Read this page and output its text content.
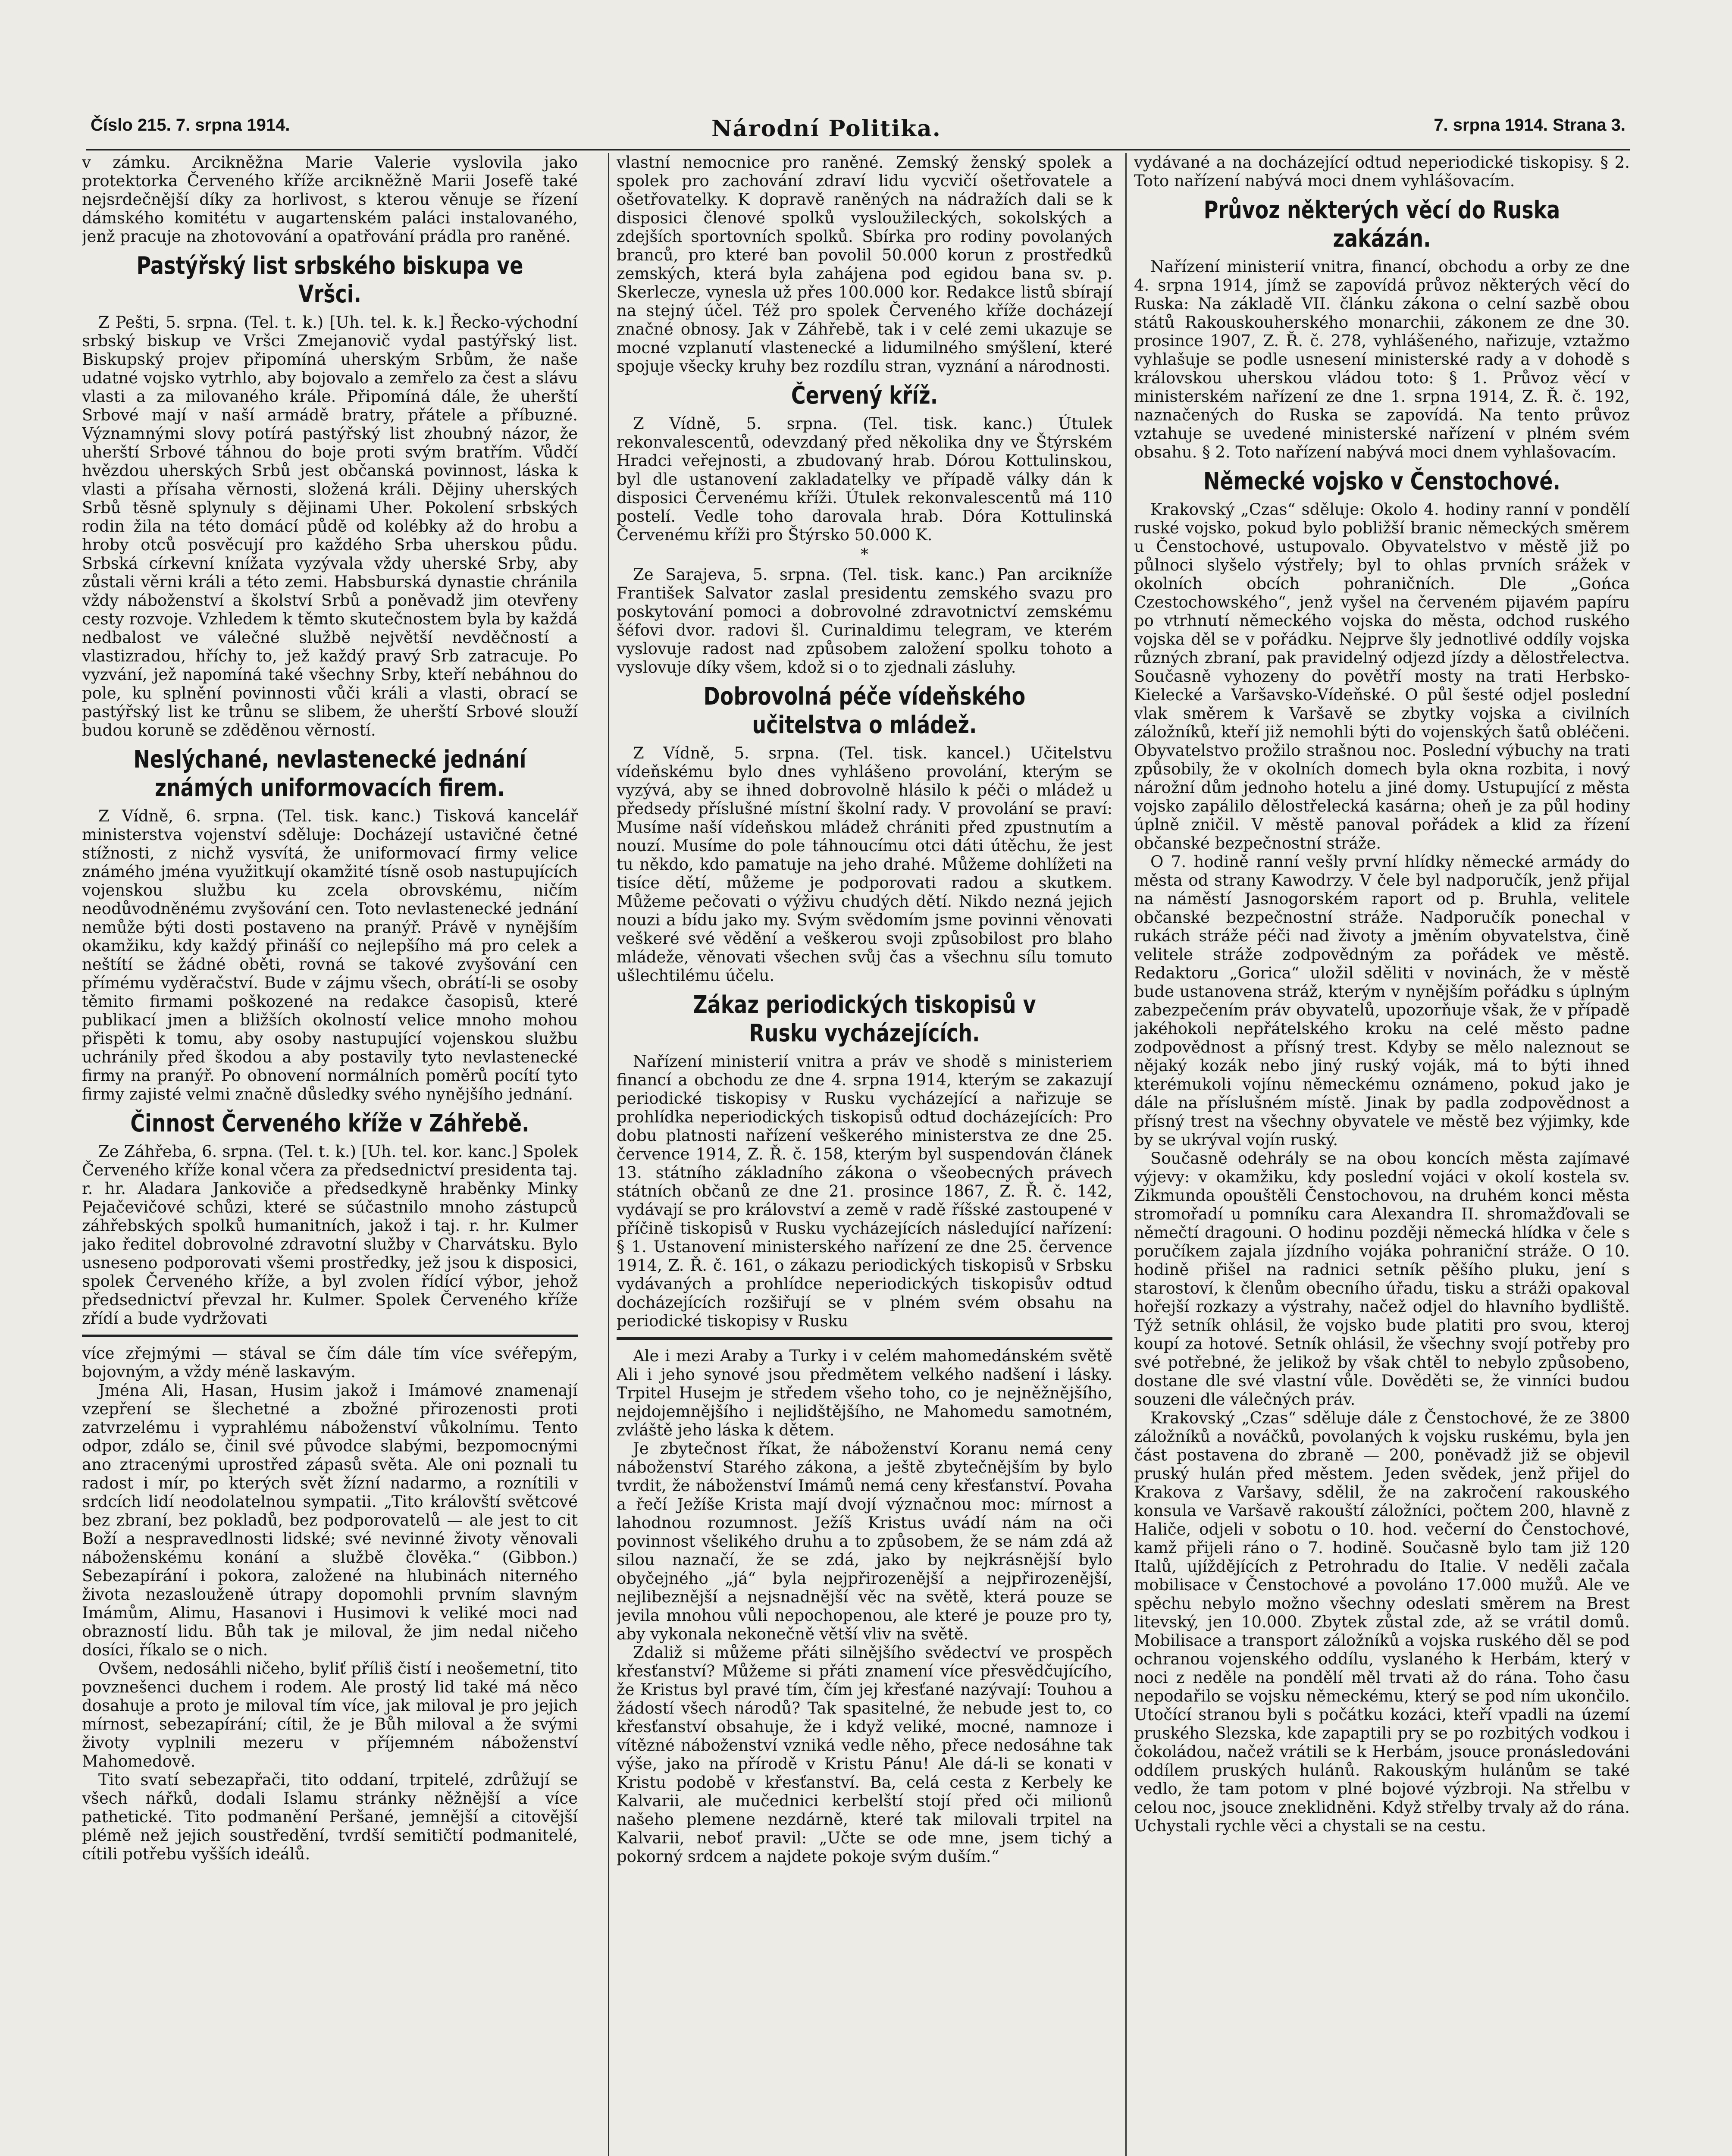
Číslo 215. 7. srpna 1914.	Národní Politika.	7. srpna 1914. Strana 3.

v zámku. Arcikněžna Marie Valerie vyslovila jako protektorka Červeného kříže arcikněžně Marii Josefě také nejsrdečnější díky za horlivost, s kterou věnuje se řízení dámského komitétu v augartenském paláci instalovaného, jenž pracuje na zhotovování a opatřování prádla pro raněné.

Pastýřský list srbského biskupa ve Vršci.

Z Pešti, 5. srpna. (Tel. t. k.) [Uh. tel. k. k.] Řecko-východní srbský biskup ve Vršci Zmejanovič vydal pastýřský list. Biskupský projev připomíná uherským Srbům, že naše udatné vojsko vytrhlo, aby bojovalo a zemřelo za čest a slávu vlasti a za milovaného krále. Připomíná dále, že uherští Srbové mají v naší armádě bratry, přátele a příbuzné. Významnými slovy potírá pastýřský list zhoubný názor, že uherští Srbové táhnou do boje proti svým bratřím. Vůdčí hvězdou uherských Srbů jest občanská povinnost, láska k vlasti a přísaha věrnosti, složená králi. Dějiny uherských Srbů těsně splynuly s dějinami Uher. Pokolení srbských rodin žila na této domácí půdě od kolébky až do hrobu a hroby otců posvěcují pro každého Srba uherskou půdu. Srbská církevní knížata vyzývala vždy uherské Srby, aby zůstali věrni králi a této zemi. Habsburská dynastie chránila vždy náboženství a školství Srbů a poněvadž jim otevřeny cesty rozvoje. Vzhledem k těmto skutečnostem byla by každá nedbalost ve válečné službě největší nevděčností a vlastizradou, hříchy to, jež každý pravý Srb zatracuje. Po vyzvání, jež napomíná také všechny Srby, kteří nebáhnou do pole, ku splnění povinnosti vůči králi a vlasti, obrací se pastýřský list ke trůnu se slibem, že uherští Srbové slouží budou koruně se zděděnou věrností.

Neslýchané, nevlastenecké jednání známých uniformovacích firem.

Z Vídně, 6. srpna. (Tel. tisk. kanc.) Tisková kancelář ministerstva vojenství sděluje: Docházejí ustavičné četné stížnosti, z nichž vysvítá, že uniformovací firmy velice známého jména využitkují okamžité tísně osob nastupujících vojenskou službu ku zcela obrovskému, ničím neodůvodněnému zvyšování cen. Toto nevlastenecké jednání nemůže býti dosti postaveno na pranýř. Právě v nynějším okamžiku, kdy každý přináší co nejlepšího má pro celek a neštítí se žádné oběti, rovná se takové zvyšování cen přímému vyděračství. Bude v zájmu všech, obrátí-li se osoby těmito firmami poškozené na redakce časopisů, které publikací jmen a bližších okolností velice mnoho mohou přispěti k tomu, aby osoby nastupující vojenskou službu uchránily před škodou a aby postavily tyto nevlastenecké firmy na pranýř. Po obnovení normálních poměrů pocítí tyto firmy zajisté velmi značně důsledky svého nynějšího jednání.

Činnost Červeného kříže v Záhřebě.

Ze Záhřeba, 6. srpna. (Tel. t. k.) [Uh. tel. kor. kanc.] Spolek Červeného kříže konal včera za předsednictví presidenta taj. r. hr. Aladara Jankoviče a předsedkyně hraběnky Minky Pejačevičové schůzi, které se súčastnilo mnoho zástupců záhřebských spolků humanitních, jakož i taj. r. hr. Kulmer jako ředitel dobrovolné zdravotní služby v Charvátsku. Bylo usneseno podporovati všemi prostředky, jež jsou k disposici, spolek Červeného kříže, a byl zvolen řídící výbor, jehož předsednictví převzal hr. Kulmer. Spolek Červeného kříže zřídí a bude vydržovati

více zřejmými — stával se čím dále tím více svéřepým, bojovným, a vždy méně laskavým.

Jména Ali, Hasan, Husim jakož i Imámové znamenají vzepření se šlechetné a zbožné přirozenosti proti zatvrzelému i vyprahlému náboženství vůkolnímu. Tento odpor, zdálo se, činil své původce slabými, bezpomocnými ano ztracenými uprostřed zápasů světa. Ale oni poznali tu radost i mír, po kterých svět žízní nadarmo, a roznítili v srdcích lidí neodolatelnou sympatii. „Tito královští světcové bez zbraní, bez pokladů, bez podporovatelů — ale jest to cit Boží a nespravedlnosti lidské; své nevinné životy věnovali náboženskému konání a službě člověka.“ (Gibbon.) Sebezapírání i pokora, založené na hlubinách niterného života nezaslouženě útrapy dopomohli prvním slavným Imámům, Alimu, Hasanovi i Husimovi k veliké moci nad obrazností lidu. Bůh tak je miloval, že jim nedal ničeho dosíci, říkalo se o nich.

Ovšem, nedosáhli ničeho, byliť příliš čistí i neošemetní, tito povznešenci duchem i rodem. Ale prostý lid také má něco dosahuje a proto je miloval tím více, jak miloval je pro jejich mírnost, sebezapírání; cítil, že je Bůh miloval a že svými životy vyplnili mezeru v příjemném náboženství Mahomedově.

Tito svatí sebezapřači, tito oddaní, trpitelé, zdrůžují se všech nářků, dodali Islamu stránky něžnější a více pathetické. Tito podmanění Peršané, jemnější a citovější plémě než jejich soustředění, tvrdší semitičtí podmanitelé, cítili potřebu vyšších ideálů.

vlastní nemocnice pro raněné. Zemský ženský spolek a spolek pro zachování zdraví lidu vycvičí ošetřovatele a ošetřovatelky. K dopravě raněných na nádražích dali se k disposici členové spolků vysloužileckých, sokolských a zdejších sportovních spolků. Sbírka pro rodiny povolaných branců, pro které ban povolil 50.000 korun z prostředků zemských, která byla zahájena pod egidou bana sv. p. Skerlecze, vynesla už přes 100.000 kor. Redakce listů sbírají na stejný účel. Též pro spolek Červeného kříže docházejí značné obnosy. Jak v Záhřebě, tak i v celé zemi ukazuje se mocné vzplanutí vlastenecké a lidumilného smýšlení, které spojuje všecky kruhy bez rozdílu stran, vyznání a národnosti.

Červený kříž.

Z Vídně, 5. srpna. (Tel. tisk. kanc.) Útulek rekonvalescentů, odevzdaný před několika dny ve Štýrském Hradci veřejnosti, a zbudovaný hrab. Dórou Kottulinskou, byl dle ustanovení zakladatelky ve případě války dán k disposici Červenému kříži. Útulek rekonvalescentů má 110 postelí. Vedle toho darovala hrab. Dóra Kottulinská Červenému kříži pro Štýrsko 50.000 K.

*

Ze Sarajeva, 5. srpna. (Tel. tisk. kanc.) Pan arcikníže František Salvator zaslal presidentu zemského svazu pro poskytování pomoci a dobrovolné zdravotnictví zemskému šéfovi dvor. radovi šl. Curinaldimu telegram, ve kterém vyslovuje radost nad způsobem založení spolku tohoto a vyslovuje díky všem, kdož si o to zjednali zásluhy.

Dobrovolná péče vídeňského učitelstva o mládež.

Z Vídně, 5. srpna. (Tel. tisk. kancel.) Učitelstvu vídeňskému bylo dnes vyhlášeno provolání, kterým se vyzývá, aby se ihned dobrovolně hlásilo k péči o mládež u předsedy příslušné místní školní rady. V provolání se praví: Musíme naší vídeňskou mládež chrániti před zpustnutím a nouzí. Musíme do pole táhnoucímu otci dáti útěchu, že jest tu někdo, kdo pamatuje na jeho drahé. Můžeme dohlížeti na tisíce dětí, můžeme je podporovati radou a skutkem. Můžeme pečovati o výživu chudých dětí. Nikdo nezná jejich nouzi a bídu jako my. Svým svědomím jsme povinni věnovati veškeré své vědění a veškerou svoji způsobilost pro blaho mládeže, věnovati všechen svůj čas a všechnu sílu tomuto ušlechtilému účelu.

Zákaz periodických tiskopisů v Rusku vycházejících.

Nařízení ministerií vnitra a práv ve shodě s ministeriem financí a obchodu ze dne 4. srpna 1914, kterým se zakazují periodické tiskopisy v Rusku vycházející a nařizuje se prohlídka neperiodických tiskopisů odtud docházejících: Pro dobu platnosti nařízení veškerého ministerstva ze dne 25. července 1914, Z. Ř. č. 158, kterým byl suspendován článek 13. státního základního zákona o všeobecných právech státních občanů ze dne 21. prosince 1867, Z. Ř. č. 142, vydávají se pro království a země v radě říšské zastoupené v příčině tiskopisů v Rusku vycházejících následující nařízení: § 1. Ustanovení ministerského nařízení ze dne 25. července 1914, Z. Ř. č. 161, o zákazu periodických tiskopisů v Srbsku vydávaných a prohlídce neperiodických tiskopisův odtud docházejících rozšiřují se v plném svém obsahu na periodické tiskopisy v Rusku

Ale i mezi Araby a Turky i v celém mahomedánském světě Ali i jeho synové jsou předmětem velkého nadšení i lásky. Trpitel Husejm je středem všeho toho, co je nejněžnějšího, nejdojemnějšího i nejlidštějšího, ne Mahomedu samotném, zvláště jeho láska k dětem.

Je zbytečnost říkat, že náboženství Koranu nemá ceny náboženství Starého zákona, a ještě zbytečnějším by bylo tvrdit, že náboženství Imámů nemá ceny křesťanství. Povaha a řečí Ježíše Krista mají dvojí význačnou moc: mírnost a lahodnou rozumnost. Ježíš Kristus uvádí nám na oči povinnost všelikého druhu a to způsobem, že se nám zdá až silou naznačí, že se zdá, jako by nejkrásnější bylo obyčejného „já“ byla nejpřirozenější a nejpřirozenější, nejlibeznější a nejsnadnější věc na světě, která pouze se jevila mnohou vůli nepochopenou, ale které je pouze pro ty, aby vykonala nekonečně větší vliv na světě.

Zdaliž si můžeme přáti silnějšího svědectví ve prospěch křesťanství? Můžeme si přáti znamení více přesvědčujícího, že Kristus byl pravé tím, čím jej křesťané nazývají: Touhou a žádostí všech národů? Tak spasitelné, že nebude jest to, co křesťanství obsahuje, že i když veliké, mocné, namnoze i vítězné náboženství vzniká vedle něho, přece nedosáhne tak výše, jako na přírodě v Kristu Pánu! Ale dá-li se konati v Kristu podobě v křesťanství. Ba, celá cesta z Kerbely ke Kalvarii, ale mučednici kerbelští stojí před oči milionů našeho plemene nezdárně, které tak milovali trpitel na Kalvarii, neboť pravil: „Učte se ode mne, jsem tichý a pokorný srdcem a najdete pokoje svým duším.“

vydávané a na docházející odtud neperiodické tiskopisy. § 2. Toto nařízení nabývá moci dnem vyhlášovacím.

Průvoz některých věcí do Ruska zakázán.

Nařízení ministerií vnitra, financí, obchodu a orby ze dne 4. srpna 1914, jímž se zapovídá průvoz některých věcí do Ruska: Na základě VII. článku zákona o celní sazbě obou států Rakouskouherského monarchii, zákonem ze dne 30. prosince 1907, Z. Ř. č. 278, vyhlášeného, nařizuje, vztažmo vyhlašuje se podle usnesení ministerské rady a v dohodě s královskou uherskou vládou toto: § 1. Průvoz věcí v ministerském nařízení ze dne 1. srpna 1914, Z. Ř. č. 192, naznačených do Ruska se zapovídá. Na tento průvoz vztahuje se uvedené ministerské nařízení v plném svém obsahu. § 2. Toto nařízení nabývá moci dnem vyhlašovacím.

Německé vojsko v Čenstochové.

Krakovský „Czas“ sděluje: Okolo 4. hodiny ranní v pondělí ruské vojsko, pokud bylo pobližší branic německých směrem u Čenstochové, ustupovalo. Obyvatelstvo v městě již po půlnoci slyšelo výstřely; byl to ohlas prvních srážek v okolních obcích pohraničních. Dle „Gońca Czestochowského“, jenž vyšel na červeném pijavém papíru po vtrhnutí německého vojska do města, odchod ruského vojska děl se v pořádku. Nejprve šly jednotlivé oddíly vojska různých zbraní, pak pravidelný odjezd jízdy a dělostřelectva. Současně vyhozeny do povětří mosty na trati Herbsko-Kielecké a Varšavsko-Vídeňské. O půl šesté odjel poslední vlak směrem k Varšavě se zbytky vojska a civilních záložníků, kteří již nemohli býti do vojenských šatů obléčeni. Obyvatelstvo prožilo strašnou noc. Poslední výbuchy na trati způsobily, že v okolních domech byla okna rozbita, i nový nárožní dům jednoho hotelu a jiné domy. Ustupující z města vojsko zapálilo dělostřelecká kasárna; oheň je za půl hodiny úplně zničil. V městě panoval pořádek a klid za řízení občanské bezpečnostní stráže.

O 7. hodině ranní vešly první hlídky německé armády do města od strany Kawodrzy. V čele byl nadporučík, jenž přijal na náměstí Jasnogorském raport od p. Bruhla, velitele občanské bezpečnostní stráže. Nadporučík ponechal v rukách stráže péči nad životy a jměním obyvatelstva, čině velitele stráže zodpovědným za pořádek ve městě. Redaktoru „Gorica“ uložil sděliti v novinách, že v městě bude ustanovena stráž, kterým v nynějším pořádku s úplným zabezpečením práv obyvatelů, upozorňuje však, že v případě jakéhokoli nepřátelského kroku na celé město padne zodpovědnost a přísný trest. Kdyby se mělo naleznout se nějaký kozák nebo jiný ruský voják, má to býti ihned kterémukoli vojínu německému oznámeno, pokud jako je dále na příslušném místě. Jinak by padla zodpovědnost a přísný trest na všechny obyvatele ve městě bez výjimky, kde by se ukrýval vojín ruský.

Současně odehrály se na obou koncích města zajímavé výjevy: v okamžiku, kdy poslední vojáci v okolí kostela sv. Zikmunda opouštěli Čenstochovou, na druhém konci města stromořadí u pomníku cara Alexandra II. shromažďovali se němečtí dragouni. O hodinu později německá hlídka v čele s poručíkem zajala jízdního vojáka pohraniční stráže. O 10. hodině přišel na radnici setník pěšího pluku, jení s starostoví, k členům obecního úřadu, tisku a stráži opakoval hořejší rozkazy a výstrahy, načež odjel do hlavního bydliště. Týž setník ohlásil, že vojsko bude platiti pro svou, kteroj koupí za hotové. Setník ohlásil, že všechny svojí potřeby pro své potřebné, že jelikož by však chtěl to nebylo způsobeno, dostane dle své vlastní vůle. Dověděti se, že vinníci budou souzeni dle válečných práv.

Krakovský „Czas“ sděluje dále z Čenstochové, že ze 3800 záložníků a nováčků, povolaných k vojsku ruskému, byla jen část postavena do zbraně — 200, poněvadž již se objevil pruský hulán před městem. Jeden svědek, jenž přijel do Krakova z Varšavy, sdělil, že na zakročení rakouského konsula ve Varšavě rakouští záložníci, počtem 200, hlavně z Haliče, odjeli v sobotu o 10. hod. večerní do Čenstochové, kamž přijeli ráno o 7. hodině. Současně bylo tam již 120 Italů, ujíždějících z Petrohradu do Italie. V neděli začala mobilisace v Čenstochové a povoláno 17.000 mužů. Ale ve spěchu nebylo možno všechny odeslati směrem na Brest litevský, jen 10.000. Zbytek zůstal zde, až se vrátil domů. Mobilisace a transport záložníků a vojska ruského děl se pod ochranou vojenského oddílu, vyslaného k Herbám, který v noci z neděle na pondělí měl trvati až do rána. Toho času nepodařilo se vojsku německému, který se pod ním ukončilo. Utočící stranou byli s počátku kozáci, kteří vpadli na území pruského Slezska, kde zapaptili pry se po rozbitých vodkou i čokoládou, načež vrátili se k Herbám, jsouce pronásledováni oddílem pruských hulánů. Rakouským hulánům se také vedlo, že tam potom v plné bojové výzbroji. Na střelbu v celou noc, jsouce zneklidněni. Když střelby trvaly až do rána. Uchystali rychle věci a chystali se na cestu.
